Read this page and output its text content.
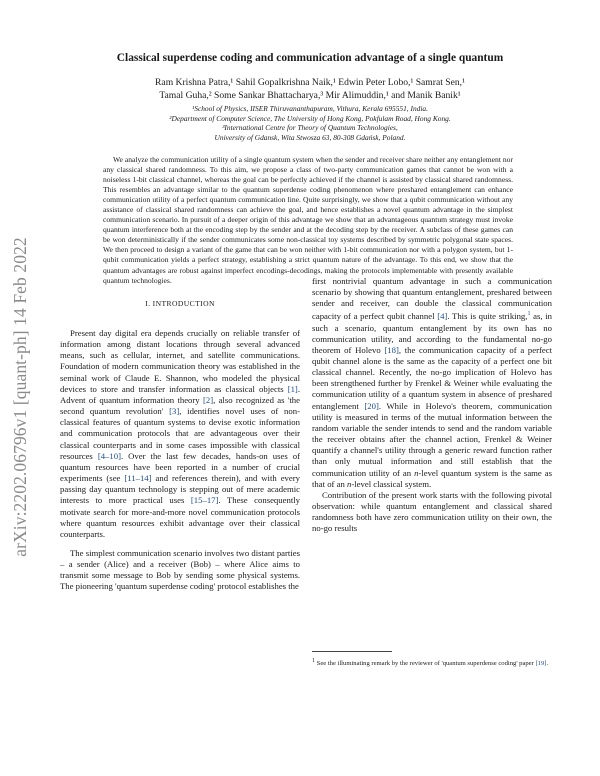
arXiv:2202.06796v1 [quant-ph] 14 Feb 2022
Classical superdense coding and communication advantage of a single quantum
Ram Krishna Patra,¹ Sahil Gopalkrishna Naik,¹ Edwin Peter Lobo,¹ Samrat Sen,¹
Tamal Guha,² Some Sankar Bhattacharya,³ Mir Alimuddin,¹ and Manik Banik¹
¹School of Physics, IISER Thiruvananthapuram, Vithura, Kerala 695551, India.
²Department of Computer Science, The University of Hong Kong, Pokfulam Road, Hong Kong.
³International Centre for Theory of Quantum Technologies,
University of Gdansk, Wita Stwosza 63, 80-308 Gdańsk, Poland.
We analyze the communication utility of a single quantum system when the sender and receiver share neither any entanglement nor any classical shared randomness. To this aim, we propose a class of two-party communication games that cannot be won with a noiseless 1-bit classical channel, whereas the goal can be perfectly achieved if the channel is assisted by classical shared randomness. This resembles an advantage similar to the quantum superdense coding phenomenon where preshared entanglement can enhance communication utility of a perfect quantum communication line. Quite surprisingly, we show that a qubit communication without any assistance of classical shared randomness can achieve the goal, and hence establishes a novel quantum advantage in the simplest communication scenario. In pursuit of a deeper origin of this advantage we show that an advantageous quantum strategy must invoke quantum interference both at the encoding step by the sender and at the decoding step by the receiver. A subclass of these games can be won deterministically if the sender communicates some non-classical toy systems described by symmetric polygonal state spaces. We then proceed to design a variant of the game that can be won neither with 1-bit communication nor with a polygon system, but 1-qubit communication yields a perfect strategy, establishing a strict quantum nature of the advantage. To this end, we show that the quantum advantages are robust against imperfect encodings-decodings, making the protocols implementable with presently available quantum technologies.
I. INTRODUCTION

Present day digital era depends crucially on reliable transfer of information among distant locations through several advanced means, such as cellular, internet, and satellite communications. Foundation of modern communication theory was established in the seminal work of Claude E. Shannon, who modeled the physical devices to store and transfer information as classical objects [1]. Advent of quantum information theory [2], also recognized as 'the second quantum revolution' [3], identifies novel uses of non-classical features of quantum systems to devise exotic information and communication protocols that are advantageous over their classical counterparts and in some cases impossible with classical resources [4–10]. Over the last few decades, hands-on uses of quantum resources have been reported in a number of crucial experiments (see [11–14] and references therein), and with every passing day quantum technology is stepping out of mere academic interests to more practical uses [15–17]. These consequently motivate search for more-and-more novel communication protocols where quantum resources exhibit advantage over their classical counterparts.

The simplest communication scenario involves two distant parties – a sender (Alice) and a receiver (Bob) – where Alice aims to transmit some message to Bob by sending some physical systems. The pioneering 'quantum superdense coding' protocol establishes the

first nontrivial quantum advantage in such a communication scenario by showing that quantum entanglement, preshared between sender and receiver, can double the classical communication capacity of a perfect qubit channel [4]. This is quite striking,$^1$ as, in such a scenario, quantum entanglement by its own has no communication utility, and according to the fundamental no-go theorem of Holevo [18], the communication capacity of a perfect qubit channel alone is the same as the capacity of a perfect one bit classical channel. Recently, the no-go implication of Holevo has been strengthened further by Frenkel & Weiner while evaluating the communication utility of a quantum system in absence of preshared entanglement [20]. While in Holevo's theorem, communication utility is measured in terms of the mutual information between the random variable the sender intends to send and the random variable the receiver obtains after the channel action, Frenkel & Weiner quantify a channel's utility through a generic reward function rather than only mutual information and still establish that the communication utility of an n-level quantum system is the same as that of an n-level classical system.

Contribution of the present work starts with the following pivotal observation: while quantum entanglement and classical shared randomness both have zero communication utility on their own, the no-go results

$^1$ See the illuminating remark by the reviewer of 'quantum superdense coding' paper [19].
